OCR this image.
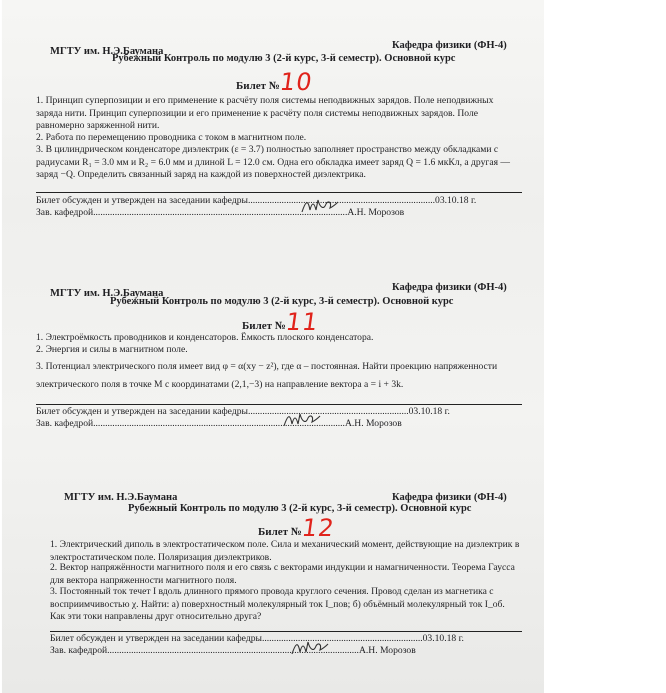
МГТУ им. Н.Э.Баумана
Кафедра физики (ФН-4)
Рубежный Контроль по модулю 3 (2-й курс, 3-й семестр). Основной курс
Билет №
10
1. Принцип суперпозиции и его применение к расчёту поля системы неподвижных зарядов. Поле неподвижных заряда нити. Принцип суперпозиции и его применение к расчёту поля системы неподвижных зарядов. Поле равномерно заряженной нити.
2. Работа по перемещению проводника с током в магнитном поле.
3. В цилиндрическом конденсаторе диэлектрик (ε = 3.7) полностью заполняет пространство между обкладками с радиусами R₁ = 3.0 мм и R₂ = 6.0 мм и длиной L = 12.0 см. Одна его обкладка имеет заряд Q = 1.6 мкКл, а другая — заряд −Q. Определить связанный заряд на каждой из поверхностей диэлектрика.
Билет обсужден и утвержден на заседании кафедры..............................................................................03.10.18 г.
Зав. кафедрой..........................................................................................................А.Н. Морозов
МГТУ им. Н.Э.Баумана
Кафедра физики (ФН-4)
Рубежный Контроль по модулю 3 (2-й курс, 3-й семестр). Основной курс
Билет №
11
1. Электроёмкость проводников и конденсаторов. Ёмкость плоского конденсатора.
2. Энергия и силы в магнитном поле.
3. Потенциал электрического поля имеет вид φ = α(xy − z²), где α – постоянная. Найти проекцию напряженности электрического поля в точке M с координатами (2,1,−3) на направление вектора a = i + 3k.
Билет обсужден и утвержден на заседании кафедры...................................................................03.10.18 г.
Зав. кафедрой.........................................................................................................А.Н. Морозов
МГТУ им. Н.Э.Баумана	Кафедра физики (ФН-4)
Рубежный Контроль по модулю 3 (2-й курс, 3-й семестр). Основной курс
Билет №
12
1. Электрический диполь в электростатическом поле. Сила и механический момент, действующие на диэлектрик в электростатическом поле. Поляризация диэлектриков.
2. Вектор напряжённости магнитного поля и его связь с векторами индукции и намагниченности. Теорема Гаусса для вектора напряженности магнитного поля.
3. Постоянный ток течет I вдоль длинного прямого провода круглого сечения. Провод сделан из магнетика с восприимчивостью χ. Найти: а) поверхностный молекулярный ток I_пов; б) объёмный молекулярный ток I_об. Как эти токи направлены друг относительно друга?
Билет обсужден и утвержден на заседании кафедры...................................................................03.10.18 г.
Зав. кафедрой.........................................................................................................А.Н. Морозов
